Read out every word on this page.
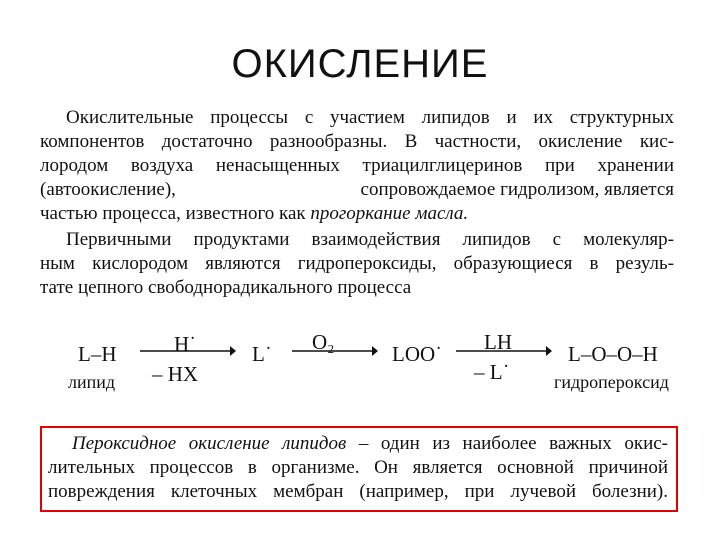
ОКИСЛЕНИЕ
Окислительные процессы с участием липидов и их структурных
компонентов достаточно разнообразны. В частности, окисление кис-
лородом воздуха ненасыщенных триацилглицеринов при хранении
(автоокисление),	сопровождаемое гидролизом, является
частью процесса, известного как прогоркание масла.
Первичными продуктами взаимодействия липидов с молекуляр-
ным кислородом являются гидропероксиды, образующиеся в резуль-
тате цепного свободнорадикального процесса
L–H
липид
H˙
– HX
L˙ O₂	LOO˙ LH
– L˙
L–O–O–H
гидропероксид
Пероксидное окисление липидов – один из наиболее важных окис-
лительных процессов в организме. Он является основной причиной
повреждения клеточных мембран (например, при лучевой болезни).
